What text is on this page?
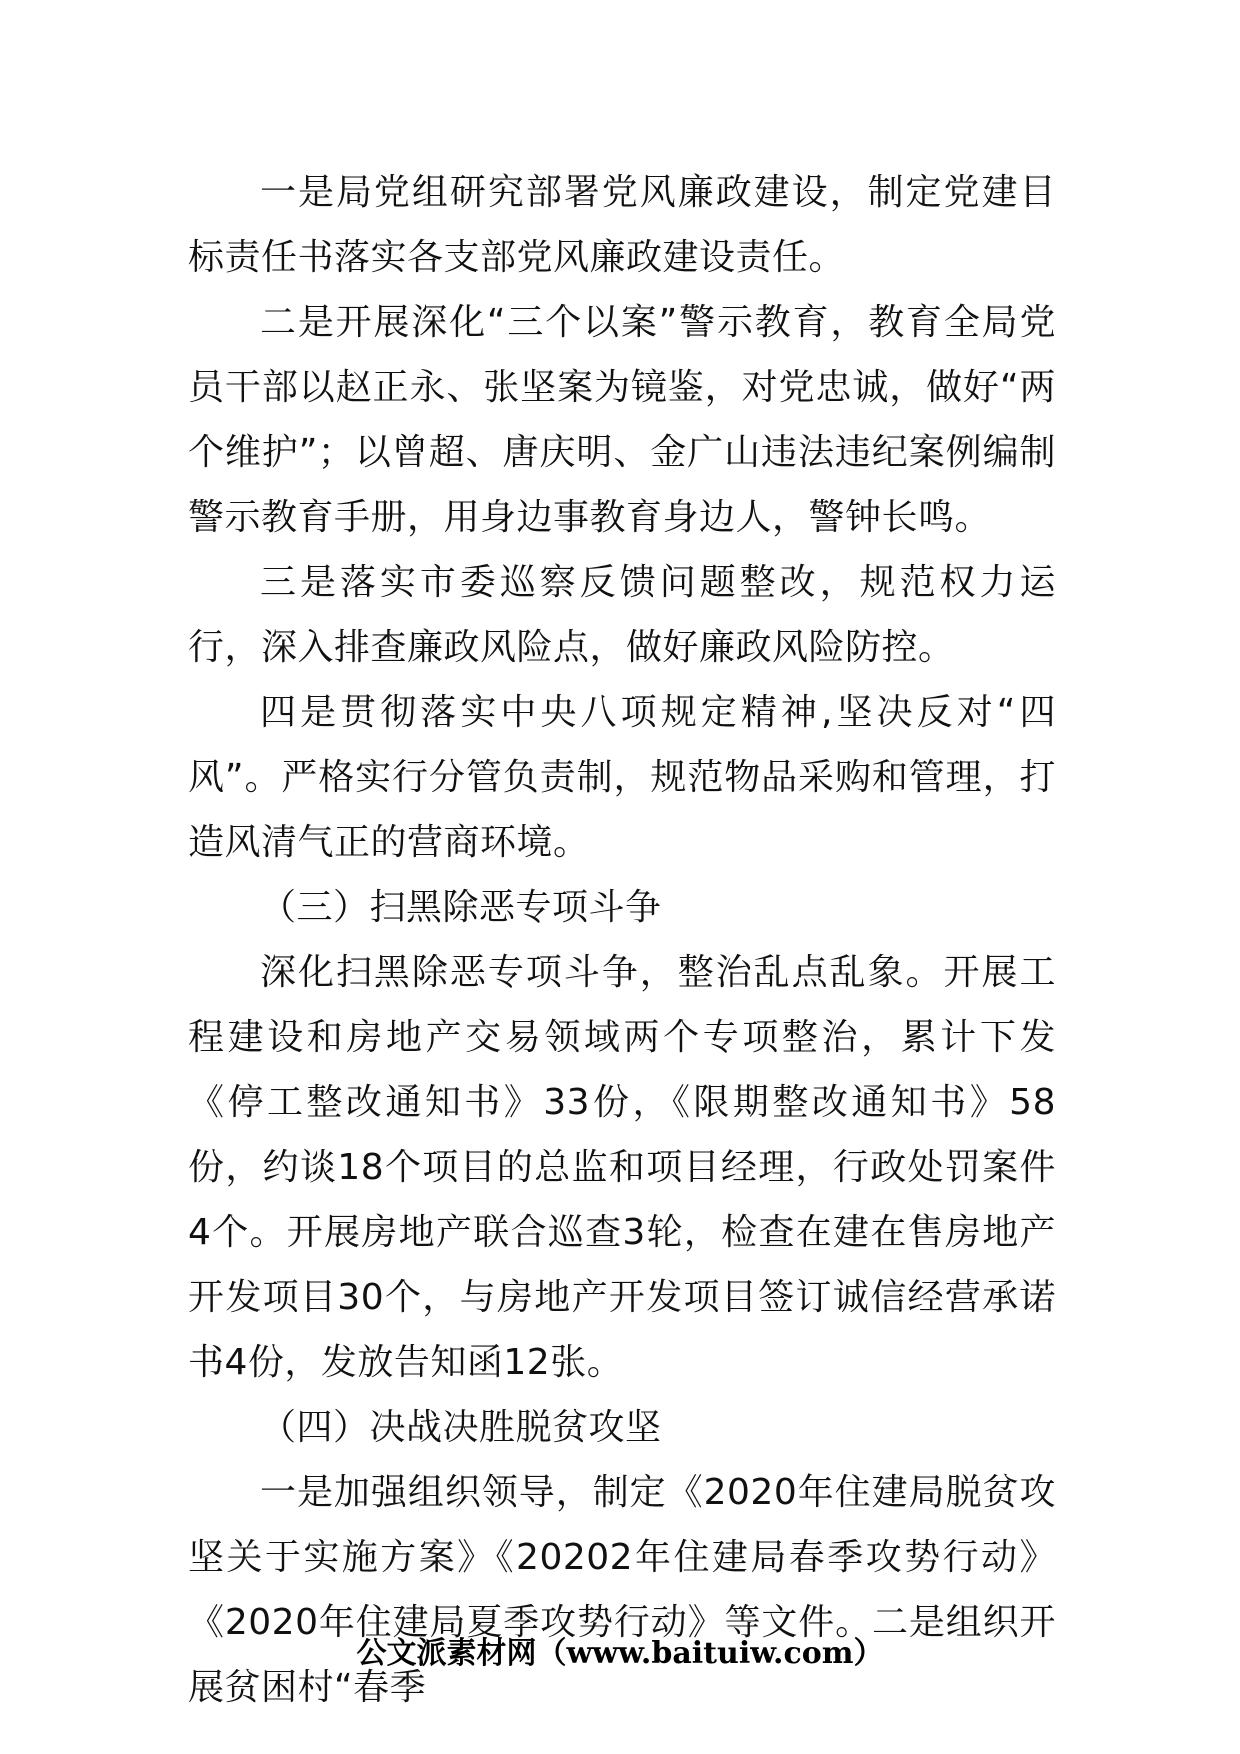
一是局党组研究部署党风廉政建设，制定党建目标责任书落实各支部党风廉政建设责任。

二是开展深化“三个以案”警示教育，教育全局党员干部以赵正永、张坚案为镜鉴，对党忠诚，做好“两个维护”；以曾超、唐庆明、金广山违法违纪案例编制警示教育手册，用身边事教育身边人，警钟长鸣。

三是落实市委巡察反馈问题整改，规范权力运行，深入排查廉政风险点，做好廉政风险防控。

四是贯彻落实中央八项规定精神,坚决反对“四风”。严格实行分管负责制，规范物品采购和管理，打造风清气正的营商环境。

（三）扫黑除恶专项斗争

深化扫黑除恶专项斗争，整治乱点乱象。开展工程建设和房地产交易领域两个专项整治，累计下发《停工整改通知书》33份，《限期整改通知书》58份，约谈18个项目的总监和项目经理，行政处罚案件4个。开展房地产联合巡查3轮，检查在建在售房地产开发项目30个，与房地产开发项目签订诚信经营承诺书4份，发放告知函12张。

（四）决战决胜脱贫攻坚

一是加强组织领导，制定《2020年住建局脱贫攻坚关于实施方案》《20202年住建局春季攻势行动》《2020年住建局夏季攻势行动》等文件。二是组织开展贫困村“春季

公文派素材网（www.baituiw.com）
